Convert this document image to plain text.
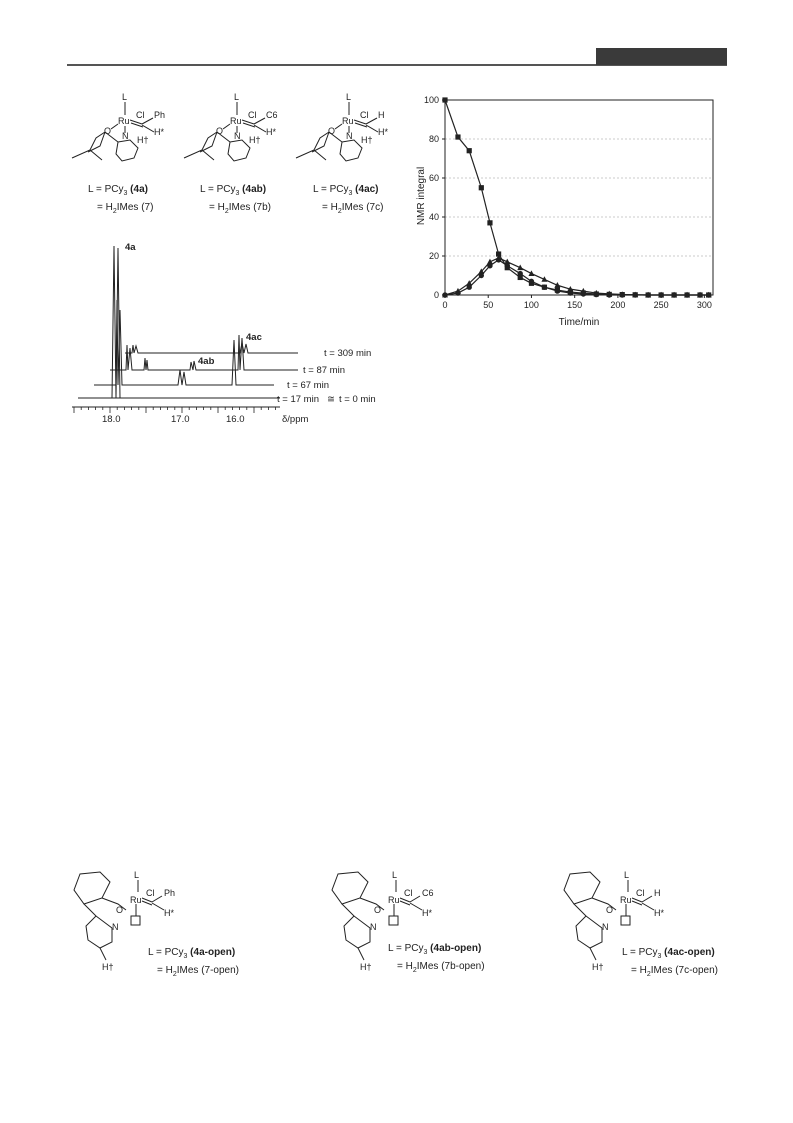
L
Ru
Cl Ph
H*
H†
O N
L
Ru
Cl C6
H*
H†
O N
L
Ru
Cl H
H*
H†
O N
L = PCy$_3$ (4a)
= $H_2IMes$ (7)
L = PCy$_3$ (4ab)
= $H_2IMes$ (7b)
L = PCy$_3$ (4ac)
= $H_2IMes$ (7c)
4a
4ab
4ac
t = 309 min
t = 87 min
t = 67 min
t = 17 min ≅ t = 0 min
18.0	17.0	16.0	δ/ppm
0
20
40
60
80
100
0	50	100	150	200	250	300
NMR integral
Time/min
L
Ru
Cl Ph
H*
O
N
H†
L
Ru
Cl C6
H*
O
N
H†
L
Ru
Cl H
H*
O
N
H†
L = PCy$_3$ (4a-open)
= $H_2IMes$ (7-open)
L = PCy$_3$ (4ab-open)
= $H_2IMes$ (7b-open)
L = PCy$_3$ (4ac-open)
= $H_2IMes$ (7c-open)
